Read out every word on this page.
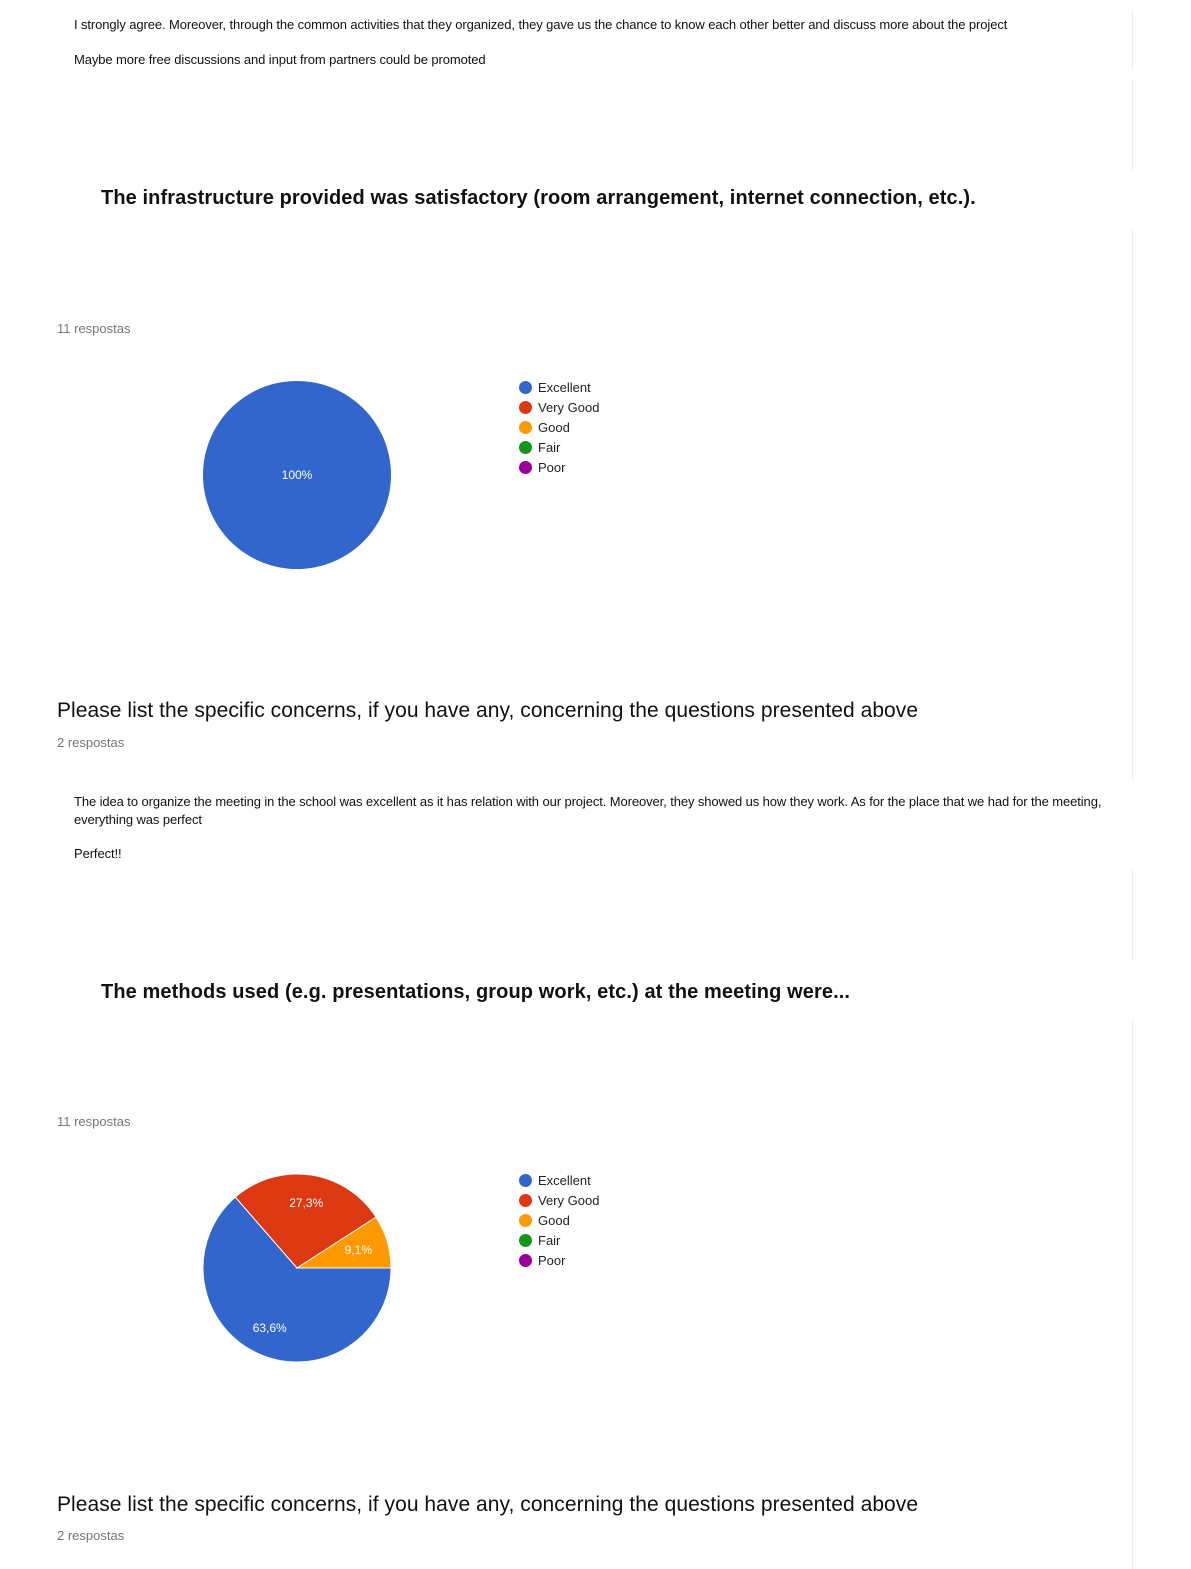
I strongly agree. Moreover, through the common activities that they organized, they gave us the chance to know each other better and discuss more about the project
Maybe more free discussions and input from partners could be promoted
The infrastructure provided was satisfactory (room arrangement, internet connection, etc.).
11 respostas
100%
Excellent
Very Good
Good
Fair
Poor
Please list the specific concerns, if you have any, concerning the questions presented above
2 respostas
The idea to organize the meeting in the school was excellent as it has relation with our project. Moreover, they showed us how they work. As for the place that we had for the meeting, everything was perfect
Perfect!!
The methods used (e.g. presentations, group work, etc.) at the meeting were...
11 respostas
63,6%
27,3%
9,1%
Excellent
Very Good
Good
Fair
Poor
Please list the specific concerns, if you have any, concerning the questions presented above
2 respostas
